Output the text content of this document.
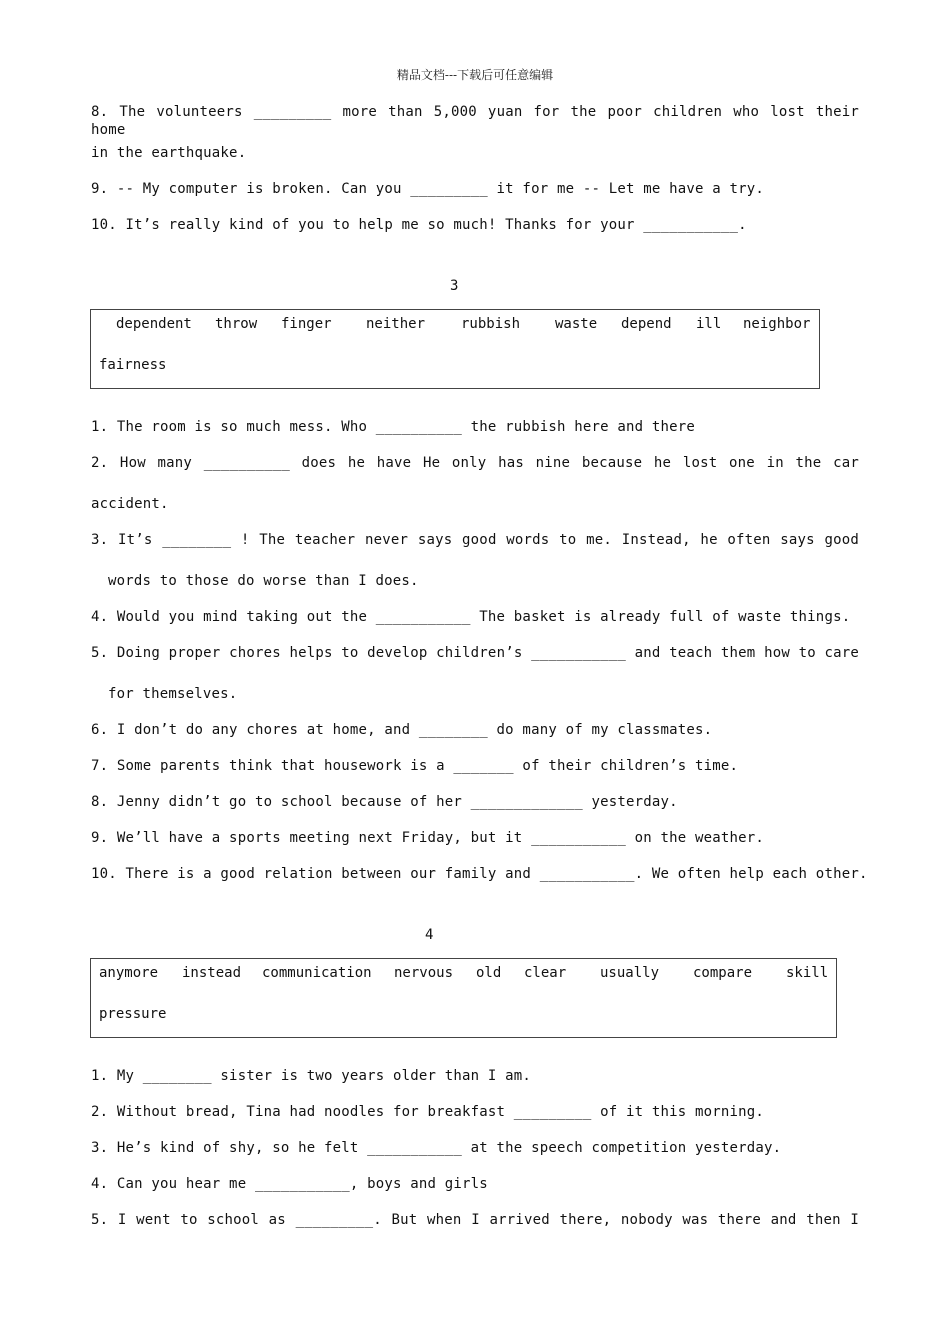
精品文档---下载后可任意编辑
8. The volunteers _________ more than 5,000 yuan for the poor children who lost their home
in the earthquake.
9. -- My computer is broken. Can you _________ it for me -- Let me have a try.
10. It’s really kind of you to help me so much! Thanks for your ___________.
3
dependent throw finger neither	rubbish waste depend ill neighbor
fairness
1. The room is so much mess. Who __________ the rubbish here and there
2. How many __________ does he have He only has nine because he lost one in the car
accident.
3. It’s ________ ! The teacher never says good words to me. Instead, he often says good
words to those do worse than I does.
4. Would you mind taking out the ___________ The basket is already full of waste things.
5. Doing proper chores helps to develop children’s ___________ and teach them how to care
for themselves.
6. I don’t do any chores at home, and ________ do many of my classmates.
7. Some parents think that housework is a _______ of their children’s time.
8. Jenny didn’t go to school because of her _____________ yesterday.
9. We’ll have a sports meeting next Friday, but it ___________ on the weather.
10. There is a good relation between our family and ___________. We often help each other.
4
anymore instead communication nervous old clear usually compare skill
pressure
1. My ________ sister is two years older than I am.
2. Without bread, Tina had noodles for breakfast _________ of it this morning.
3. He’s kind of shy, so he felt ___________ at the speech competition yesterday.
4. Can you hear me ___________, boys and girls
5. I went to school as _________. But when I arrived there, nobody was there and then I
